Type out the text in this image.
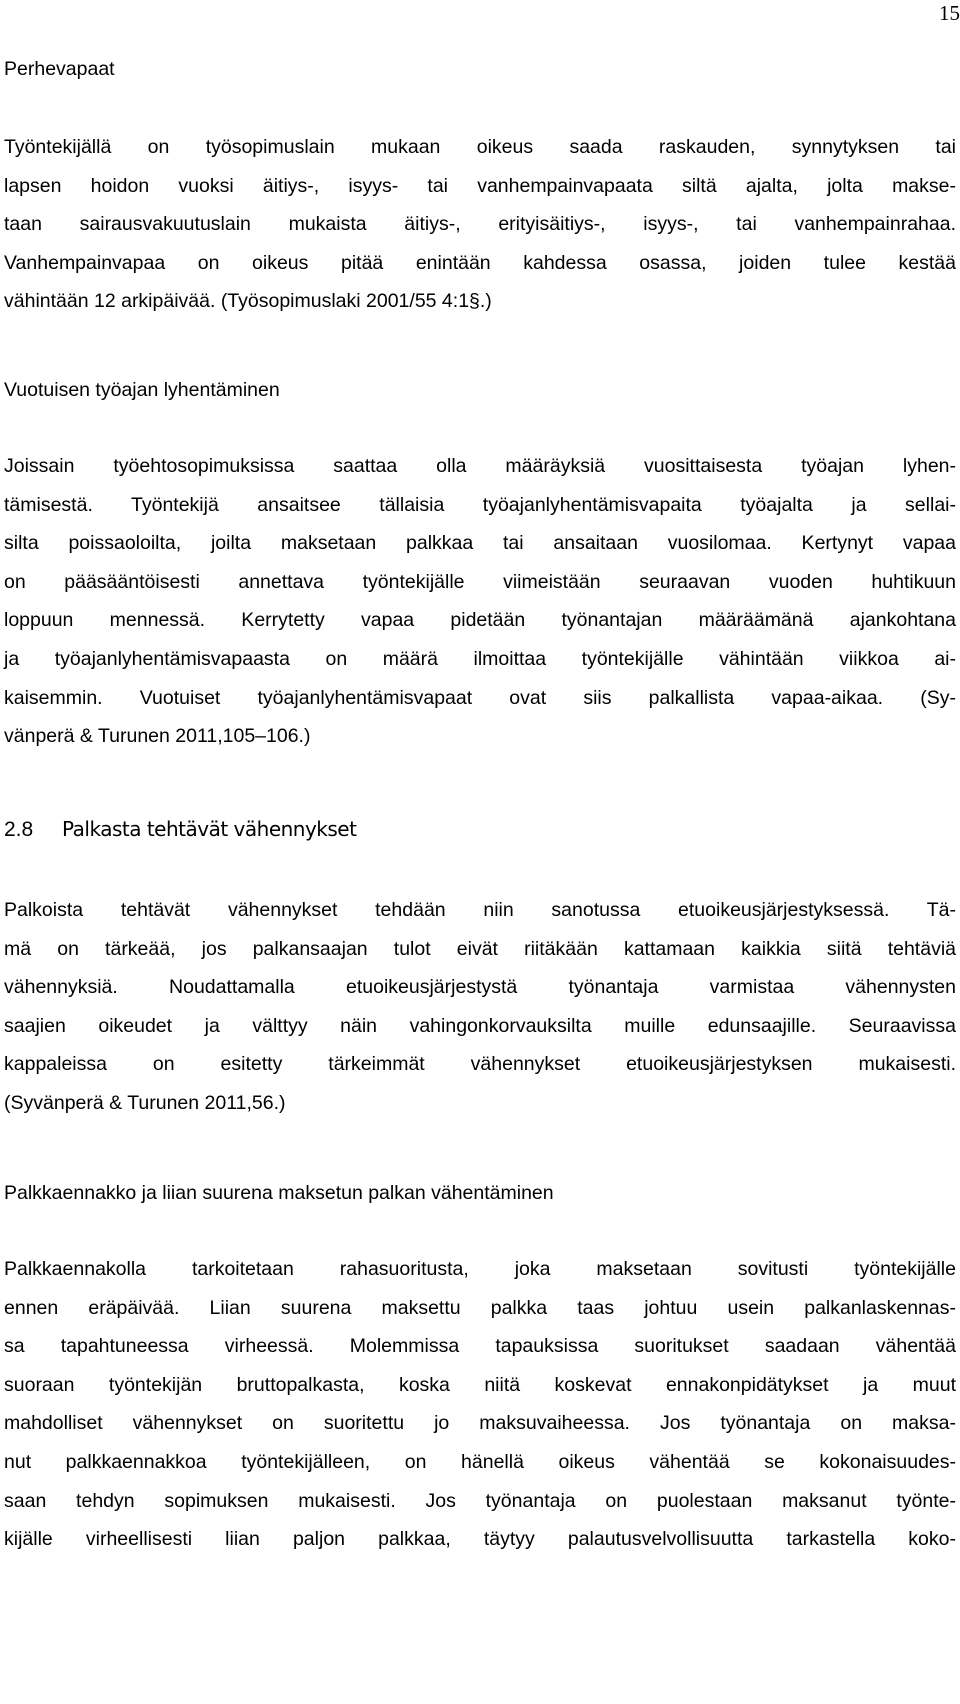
15
Perhevapaat
Työntekijällä on työsopimuslain mukaan oikeus saada raskauden, synnytyksen tai
lapsen hoidon vuoksi äitiys-, isyys- tai vanhempainvapaata siltä ajalta, jolta makse-
taan sairausvakuutuslain mukaista äitiys-, erityisäitiys-, isyys-, tai vanhempainrahaa.
Vanhempainvapaa on oikeus pitää enintään kahdessa osassa, joiden tulee kestää
vähintään 12 arkipäivää. (Työsopimuslaki 2001/55 4:1§.)
Vuotuisen työajan lyhentäminen
Joissain työehtosopimuksissa saattaa olla määräyksiä vuosittaisesta työajan lyhen-
tämisestä. Työntekijä ansaitsee tällaisia työajanlyhentämisvapaita työajalta ja sellai-
silta poissaoloilta, joilta maksetaan palkkaa tai ansaitaan vuosilomaa. Kertynyt vapaa
on pääsääntöisesti annettava työntekijälle viimeistään seuraavan vuoden huhtikuun
loppuun mennessä. Kerrytetty vapaa pidetään työnantajan määräämänä ajankohtana
ja työajanlyhentämisvapaasta on määrä ilmoittaa työntekijälle vähintään viikkoa ai-
kaisemmin. Vuotuiset työajanlyhentämisvapaat ovat siis palkallista vapaa-aikaa. (Sy-
vänperä & Turunen 2011,105–106.)
2.8 Palkasta tehtävät vähennykset
Palkoista tehtävät vähennykset tehdään niin sanotussa etuoikeusjärjestyksessä. Tä-
mä on tärkeää, jos palkansaajan tulot eivät riitäkään kattamaan kaikkia siitä tehtäviä
vähennyksiä. Noudattamalla etuoikeusjärjestystä työnantaja varmistaa vähennysten
saajien oikeudet ja välttyy näin vahingonkorvauksilta muille edunsaajille. Seuraavissa
kappaleissa on esitetty tärkeimmät vähennykset etuoikeusjärjestyksen mukaisesti.
(Syvänperä & Turunen 2011,56.)
Palkkaennakko ja liian suurena maksetun palkan vähentäminen
Palkkaennakolla tarkoitetaan rahasuoritusta, joka maksetaan sovitusti työntekijälle
ennen eräpäivää. Liian suurena maksettu palkka taas johtuu usein palkanlaskennas-
sa tapahtuneessa virheessä. Molemmissa tapauksissa suoritukset saadaan vähentää
suoraan työntekijän bruttopalkasta, koska niitä koskevat ennakonpidätykset ja muut
mahdolliset vähennykset on suoritettu jo maksuvaiheessa. Jos työnantaja on maksa-
nut palkkaennakkoa työntekijälleen, on hänellä oikeus vähentää se kokonaisuudes-
saan tehdyn sopimuksen mukaisesti. Jos työnantaja on puolestaan maksanut työnte-
kijälle virheellisesti liian paljon palkkaa, täytyy palautusvelvollisuutta tarkastella koko-
